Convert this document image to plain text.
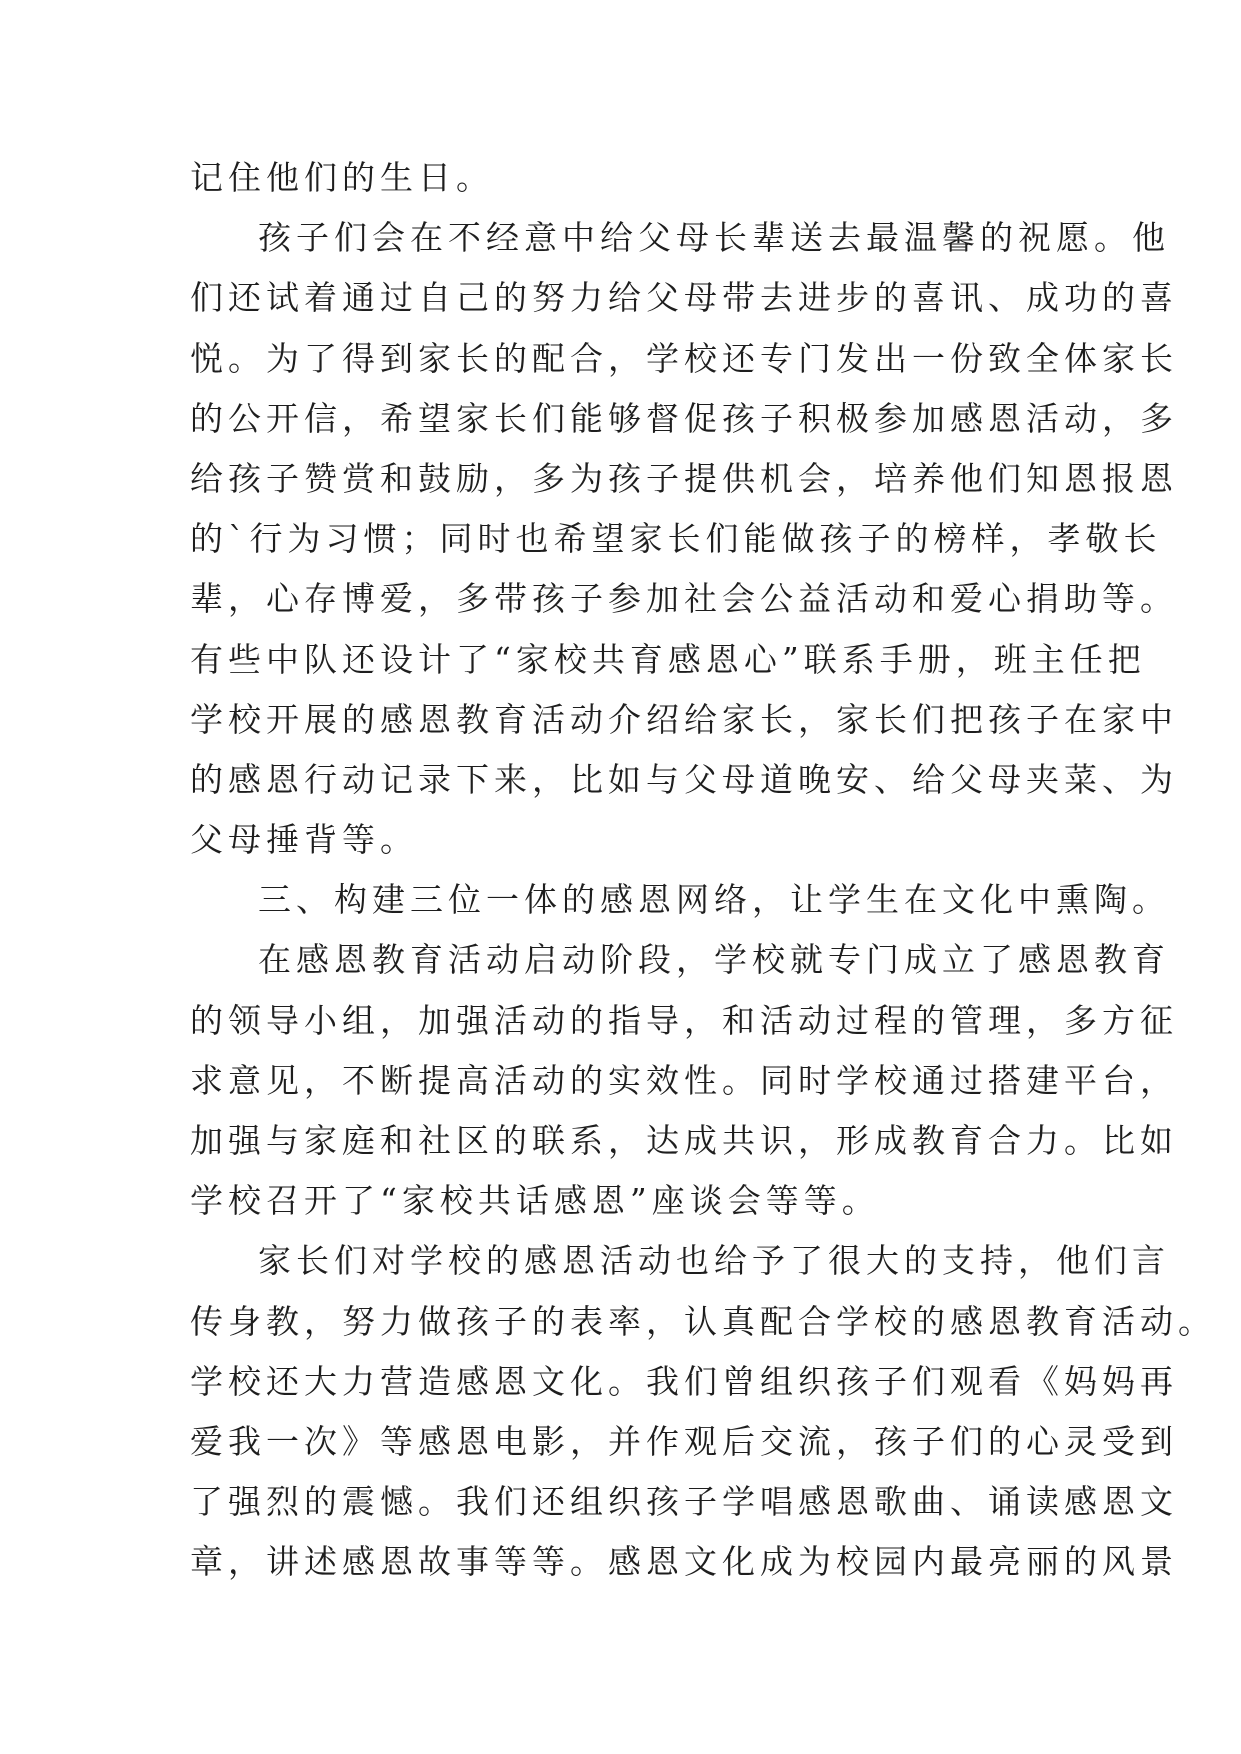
记住他们的生日。
孩子们会在不经意中给父母长辈送去最温馨的祝愿。他
们还试着通过自己的努力给父母带去进步的喜讯、成功的喜
悦。为了得到家长的配合，学校还专门发出一份致全体家长
的公开信，希望家长们能够督促孩子积极参加感恩活动，多
给孩子赞赏和鼓励，多为孩子提供机会，培养他们知恩报恩
的`行为习惯；同时也希望家长们能做孩子的榜样，孝敬长
辈，心存博爱，多带孩子参加社会公益活动和爱心捐助等。
有些中队还设计了“家校共育感恩心”联系手册，班主任把
学校开展的感恩教育活动介绍给家长，家长们把孩子在家中
的感恩行动记录下来，比如与父母道晚安、给父母夹菜、为
父母捶背等。
三、构建三位一体的感恩网络，让学生在文化中熏陶。
在感恩教育活动启动阶段，学校就专门成立了感恩教育
的领导小组，加强活动的指导，和活动过程的管理，多方征
求意见，不断提高活动的实效性。同时学校通过搭建平台，
加强与家庭和社区的联系，达成共识，形成教育合力。比如
学校召开了“家校共话感恩”座谈会等等。
家长们对学校的感恩活动也给予了很大的支持，他们言
传身教，努力做孩子的表率，认真配合学校的感恩教育活动。
学校还大力营造感恩文化。我们曾组织孩子们观看《妈妈再
爱我一次》等感恩电影，并作观后交流，孩子们的心灵受到
了强烈的震憾。我们还组织孩子学唱感恩歌曲、诵读感恩文
章，讲述感恩故事等等。感恩文化成为校园内最亮丽的风景
